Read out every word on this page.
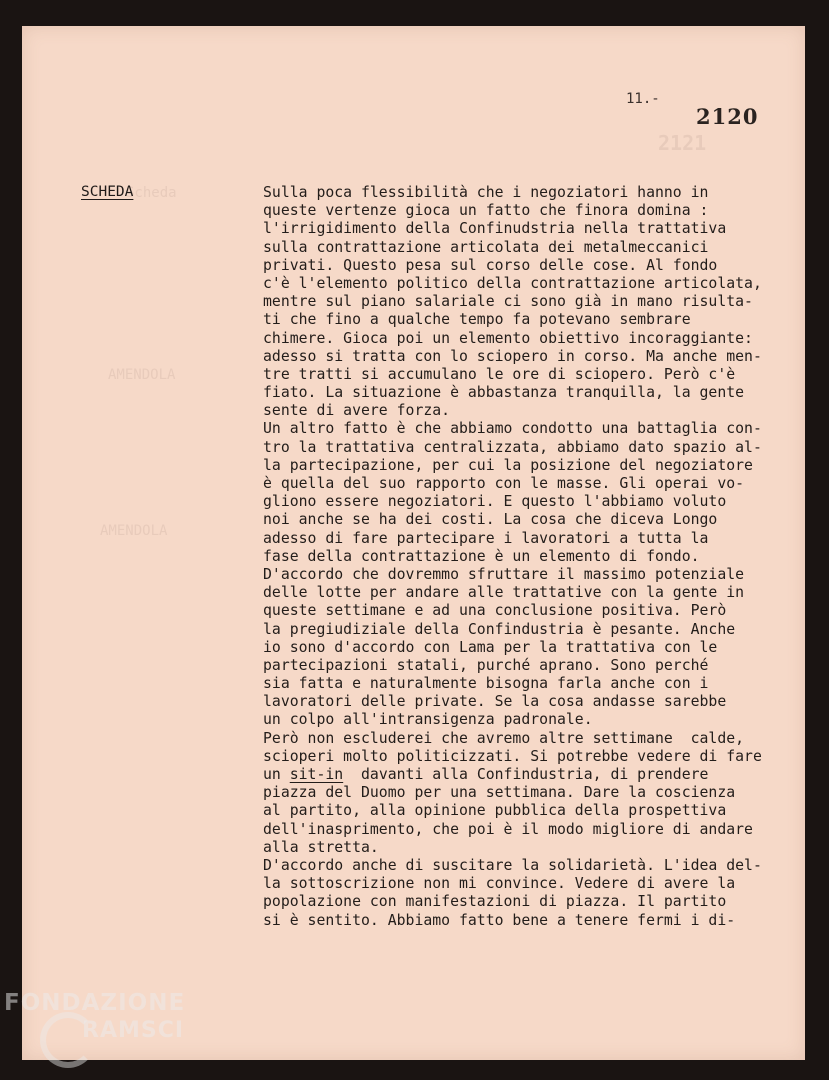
2121
Scheda
AMENDOLA
AMENDOLA
11.-
2120
SCHEDA	Sulla poca flessibilità che i negoziatori hanno in
queste vertenze gioca un fatto che finora domina :
l'irrigidimento della Confinudstria nella trattativa
sulla contrattazione articolata dei metalmeccanici
privati. Questo pesa sul corso delle cose. Al fondo
c'è l'elemento politico della contrattazione articolata,
mentre sul piano salariale ci sono già in mano risulta-
ti che fino a qualche tempo fa potevano sembrare
chimere. Gioca poi un elemento obiettivo incoraggiante:
adesso si tratta con lo sciopero in corso. Ma anche men-
tre tratti si accumulano le ore di sciopero. Però c'è
fiato. La situazione è abbastanza tranquilla, la gente
sente di avere forza.
Un altro fatto è che abbiamo condotto una battaglia con-
tro la trattativa centralizzata, abbiamo dato spazio al-
la partecipazione, per cui la posizione del negoziatore
è quella del suo rapporto con le masse. Gli operai vo-
gliono essere negoziatori. E questo l'abbiamo voluto
noi anche se ha dei costi. La cosa che diceva Longo
adesso di fare partecipare i lavoratori a tutta la
fase della contrattazione è un elemento di fondo.
D'accordo che dovremmo sfruttare il massimo potenziale
delle lotte per andare alle trattative con la gente in
queste settimane e ad una conclusione positiva. Però
la pregiudiziale della Confindustria è pesante. Anche
io sono d'accordo con Lama per la trattativa con le
partecipazioni statali, purché aprano. Sono perché
sia fatta e naturalmente bisogna farla anche con i
lavoratori delle private. Se la cosa andasse sarebbe
un colpo all'intransigenza padronale.
Però non escluderei che avremo altre settimane  calde,
scioperi molto politicizzati. Si potrebbe vedere di fare
un sit-in  davanti alla Confindustria, di prendere
piazza del Duomo per una settimana. Dare la coscienza
al partito, alla opinione pubblica della prospettiva
dell'inasprimento, che poi è il modo migliore di andare
alla stretta.
D'accordo anche di suscitare la solidarietà. L'idea del-
la sottoscrizione non mi convince. Vedere di avere la
popolazione con manifestazioni di piazza. Il partito
si è sentito. Abbiamo fatto bene a tenere fermi i di-
FONDAZIONE
RAMSCI
